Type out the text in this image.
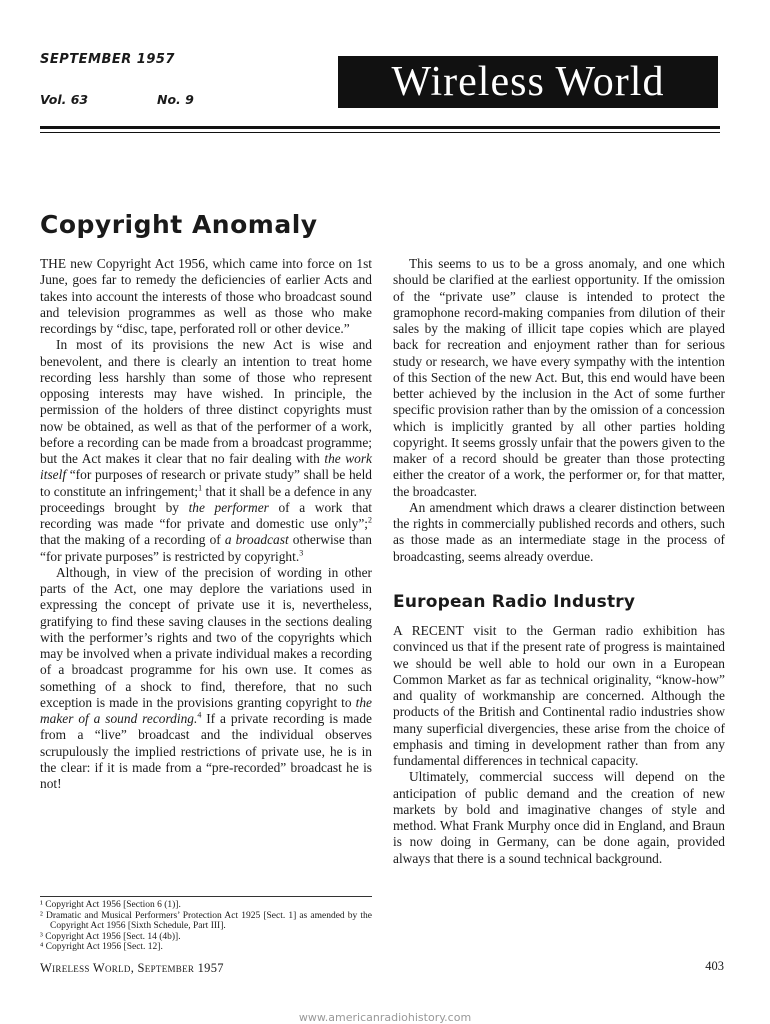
SEPTEMBER 1957
Vol. 63	No. 9	Wireless World
Copyright Anomaly

THE new Copyright Act 1956, which came into force on 1st June, goes far to remedy the deficiencies of earlier Acts and takes into account the interests of those who broadcast sound and television programmes as well as those who make recordings by “disc, tape, perforated roll or other device.”

In most of its provisions the new Act is wise and benevolent, and there is clearly an intention to treat home recording less harshly than some of those who represent opposing interests may have wished. In principle, the permission of the holders of three distinct copyrights must now be obtained, as well as that of the performer of a work, before a recording can be made from a broadcast programme; but the Act makes it clear that no fair dealing with the work itself “for purposes of research or private study” shall be held to constitute an infringement;$^1$ that it shall be a defence in any proceedings brought by the performer of a work that recording was made “for private and domestic use only”;$^2$ that the making of a recording of a broadcast otherwise than “for private purposes” is restricted by copyright.$^3$

Although, in view of the precision of wording in other parts of the Act, one may deplore the variations used in expressing the concept of private use it is, nevertheless, gratifying to find these saving clauses in the sections dealing with the performer’s rights and two of the copyrights which may be involved when a private individual makes a recording of a broadcast programme for his own use. It comes as something of a shock to find, therefore, that no such exception is made in the provisions granting copyright to the maker of a sound recording.$^4$ If a private recording is made from a “live” broadcast and the individual observes scrupulously the implied restrictions of private use, he is in the clear: if it is made from a “pre-recorded” broadcast he is not!

This seems to us to be a gross anomaly, and one which should be clarified at the earliest opportunity. If the omission of the “private use” clause is intended to protect the gramophone record-making companies from dilution of their sales by the making of illicit tape copies which are played back for recreation and enjoyment rather than for serious study or research, we have every sympathy with the intention of this Section of the new Act. But, this end would have been better achieved by the inclusion in the Act of some further specific provision rather than by the omission of a concession which is implicitly granted by all other parties holding copyright. It seems grossly unfair that the powers given to the maker of a record should be greater than those protecting either the creator of a work, the performer or, for that matter, the broadcaster.

An amendment which draws a clearer distinction between the rights in commercially published records and others, such as those made as an intermediate stage in the process of broadcasting, seems already overdue.

European Radio Industry

A RECENT visit to the German radio exhibition has convinced us that if the present rate of progress is maintained we should be well able to hold our own in a European Common Market as far as technical originality, “know-how” and quality of workmanship are concerned. Although the products of the British and Continental radio industries show many superficial divergencies, these arise from the choice of emphasis and timing in development rather than from any fundamental differences in technical capacity.

Ultimately, commercial success will depend on the anticipation of public demand and the creation of new markets by bold and imaginative changes of style and method. What Frank Murphy once did in England, and Braun is now doing in Germany, can be done again, provided always that there is a sound technical background.

¹ Copyright Act 1956 [Section 6 (1)].
² Dramatic and Musical Performers’ Protection Act 1925 [Sect. 1] as amended by the Copyright Act 1956 [Sixth Schedule, Part III].
³ Copyright Act 1956 [Sect. 14 (4b)].
⁴ Copyright Act 1956 [Sect. 12].
Wireless World, September 1957	403
www.americanradiohistory.com
